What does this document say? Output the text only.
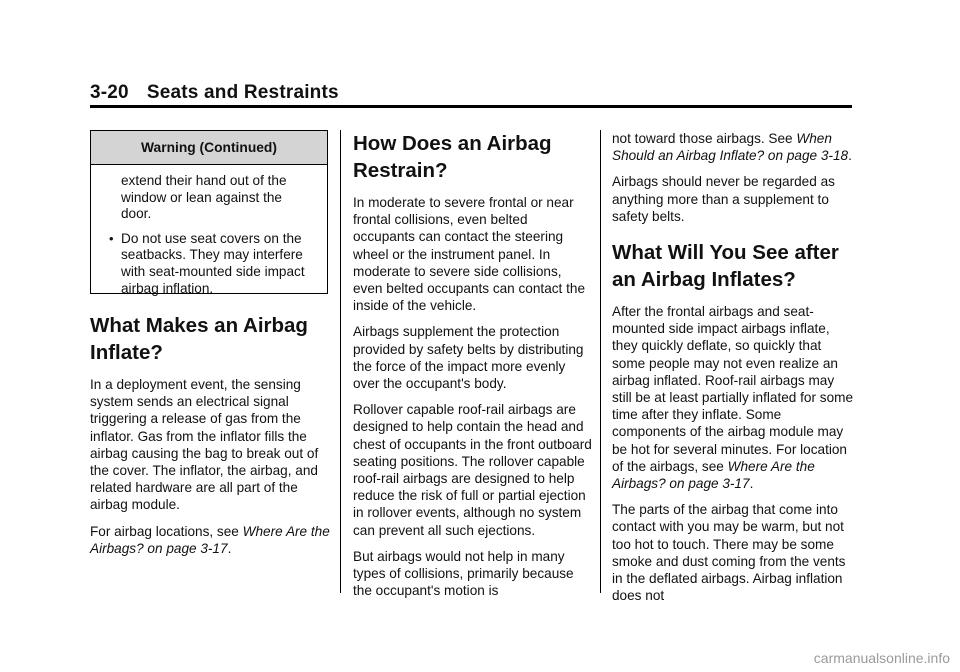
3-20 Seats and Restraints
Warning (Continued)

extend their hand out of the window or lean against the door.

• Do not use seat covers on the seatbacks. They may interfere with seat-mounted side impact airbag inflation.
What Makes an Airbag Inflate?

In a deployment event, the sensing system sends an electrical signal triggering a release of gas from the inflator. Gas from the inflator fills the airbag causing the bag to break out of the cover. The inflator, the airbag, and related hardware are all part of the airbag module.

For airbag locations, see Where Are the Airbags? on page 3-17.

How Does an Airbag Restrain?

In moderate to severe frontal or near frontal collisions, even belted occupants can contact the steering wheel or the instrument panel. In moderate to severe side collisions, even belted occupants can contact the inside of the vehicle.

Airbags supplement the protection provided by safety belts by distributing the force of the impact more evenly over the occupant's body.

Rollover capable roof-rail airbags are designed to help contain the head and chest of occupants in the front outboard seating positions. The rollover capable roof-rail airbags are designed to help reduce the risk of full or partial ejection in rollover events, although no system can prevent all such ejections.

But airbags would not help in many types of collisions, primarily because the occupant's motion is

not toward those airbags. See When Should an Airbag Inflate? on page 3-18.

Airbags should never be regarded as anything more than a supplement to safety belts.

What Will You See after an Airbag Inflates?

After the frontal airbags and seat-mounted side impact airbags inflate, they quickly deflate, so quickly that some people may not even realize an airbag inflated. Roof-rail airbags may still be at least partially inflated for some time after they inflate. Some components of the airbag module may be hot for several minutes. For location of the airbags, see Where Are the Airbags? on page 3-17.

The parts of the airbag that come into contact with you may be warm, but not too hot to touch. There may be some smoke and dust coming from the vents in the deflated airbags. Airbag inflation does not

carmanualsonline.info
